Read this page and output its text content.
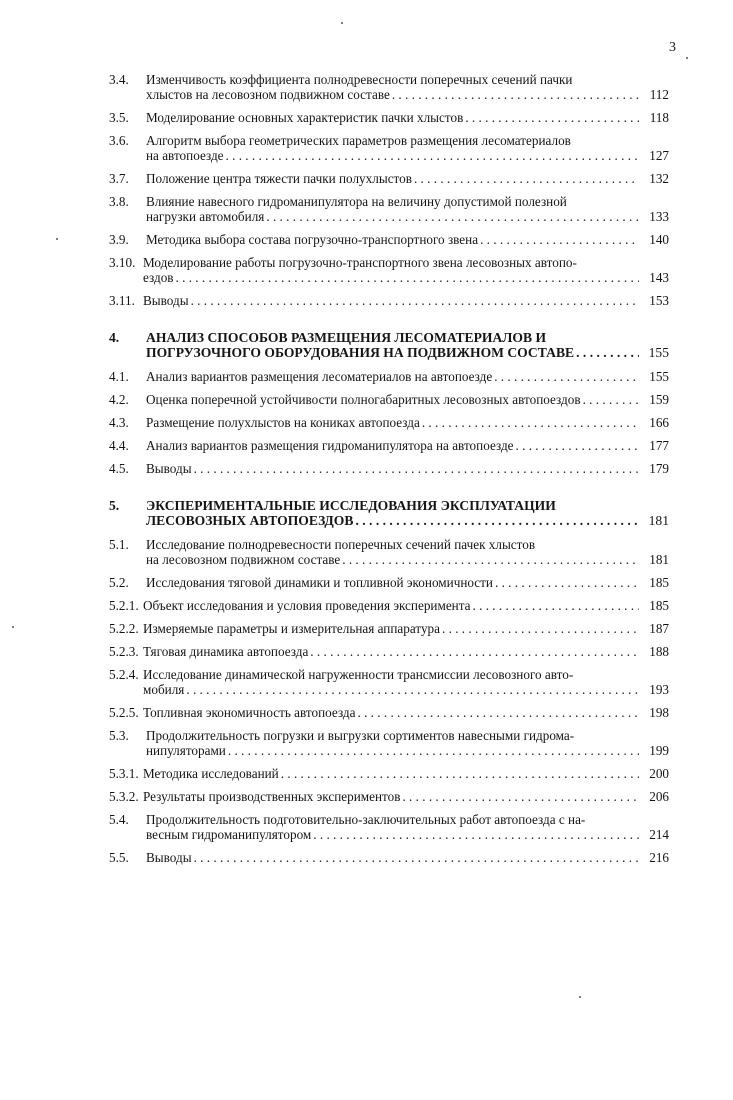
3
3.4.	Изменчивость коэффициента полнодревесности поперечных сечений пачки
хлыстов на лесовозном подвижном составе . . .	112
3.5.	Моделирование основных характеристик пачки хлыстов . . .	118
3.6.	Алгоритм выбора геометрических параметров размещения лесоматериалов
на автопоезде . . .	127
3.7.	Положение центра тяжести пачки полухлыстов . . .	132
3.8.	Влияние навесного гидроманипулятора на величину допустимой полезной
нагрузки автомобиля . . .	133
3.9.	Методика выбора состава погрузочно-транспортного звена . . .	140
3.10. Моделирование работы погрузочно-транспортного звена лесовозных автопо-
ездов . . .	143
3.11. Выводы . . .	153
4.	АНАЛИЗ СПОСОБОВ РАЗМЕЩЕНИЯ ЛЕСОМАТЕРИАЛОВ И
ПОГРУЗОЧНОГО ОБОРУДОВАНИЯ НА ПОДВИЖНОМ СОСТАВЕ . . .	155
4.1.	Анализ вариантов размещения лесоматериалов на автопоезде . . .	155
4.2.	Оценка поперечной устойчивости полногабаритных лесовозных автопоездов . . .	159
4.3.	Размещение полухлыстов на кониках автопоезда . . .	166
4.4.	Анализ вариантов размещения гидроманипулятора на автопоезде . . .	177
4.5.	Выводы . . .	179
5.	ЭКСПЕРИМЕНТАЛЬНЫЕ ИССЛЕДОВАНИЯ ЭКСПЛУАТАЦИИ
ЛЕСОВОЗНЫХ АВТОПОЕЗДОВ . . .	181
5.1.	Исследование полнодревесности поперечных сечений пачек хлыстов
на лесовозном подвижном составе . . .	181
5.2.	Исследования тяговой динамики и топливной экономичности . . .	185
5.2.1. Объект исследования и условия проведения эксперимента . . .	185
5.2.2. Измеряемые параметры и измерительная аппаратура . . .	187
5.2.3. Тяговая динамика автопоезда . . .	188
5.2.4. Исследование динамической нагруженности трансмиссии лесовозного авто-
мобиля . . .	193
5.2.5. Топливная экономичность автопоезда . . .	198
5.3.	Продолжительность погрузки и выгрузки сортиментов навесными гидрома-
нипуляторами . . .	199
5.3.1. Методика исследований . . .	200
5.3.2. Результаты производственных экспериментов . . .	206
5.4.	Продолжительность подготовительно-заключительных работ автопоезда с на-
весным гидроманипулятором . . .	214
5.5.	Выводы . . .	216
